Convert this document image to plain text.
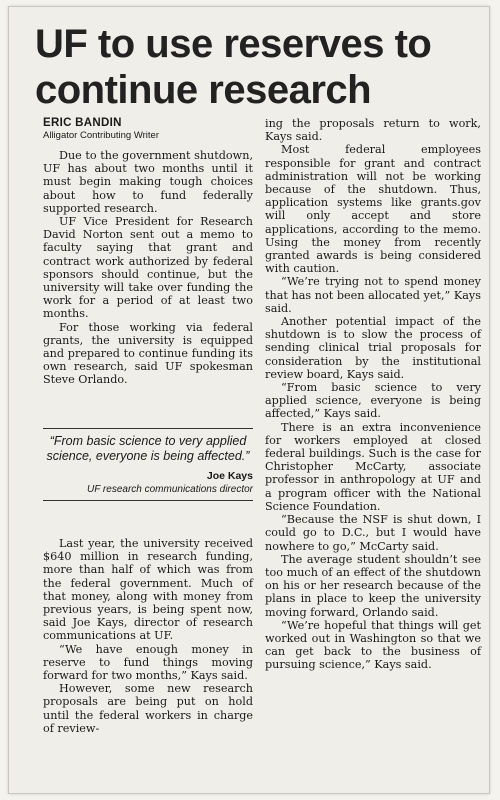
UF to use reserves to continue research
ERIC BANDIN
Alligator Contributing Writer

Due to the government shutdown, UF has about two months until it must begin making tough choices about how to fund federally supported research.

UF Vice President for Research David Norton sent out a memo to faculty saying that grant and contract work authorized by federal sponsors should continue, but the university will take over funding the work for a period of at least two months.

For those working via federal grants, the university is equipped and prepared to continue funding its own research, said UF spokesman Steve Orlando.

“From basic science to very applied science, everyone is being affected.”

Joe Kays
UF research communications director

Last year, the university received $640 million in research funding, more than half of which was from the federal government. Much of that money, along with money from previous years, is being spent now, said Joe Kays, director of research communications at UF.

“We have enough money in reserve to fund things moving forward for two months,” Kays said.

However, some new research proposals are being put on hold until the federal workers in charge of review-

ing the proposals return to work, Kays said.

Most federal employees responsible for grant and contract administration will not be working because of the shutdown. Thus, application systems like grants.gov will only accept and store applications, according to the memo. Using the money from recently granted awards is being considered with caution.

“We’re trying not to spend money that has not been allocated yet,” Kays said.

Another potential impact of the shutdown is to slow the process of sending clinical trial proposals for consideration by the institutional review board, Kays said.

“From basic science to very applied science, everyone is being affected,” Kays said.

There is an extra inconvenience for workers employed at closed federal buildings. Such is the case for Christopher McCarty, associate professor in anthropology at UF and a program officer with the National Science Foundation.

“Because the NSF is shut down, I could go to D.C., but I would have nowhere to go,” McCarty said.

The average student shouldn’t see too much of an effect of the shutdown on his or her research because of the plans in place to keep the university moving forward, Orlando said.

“We’re hopeful that things will get worked out in Washington so that we can get back to the business of pursuing science,” Kays said.
